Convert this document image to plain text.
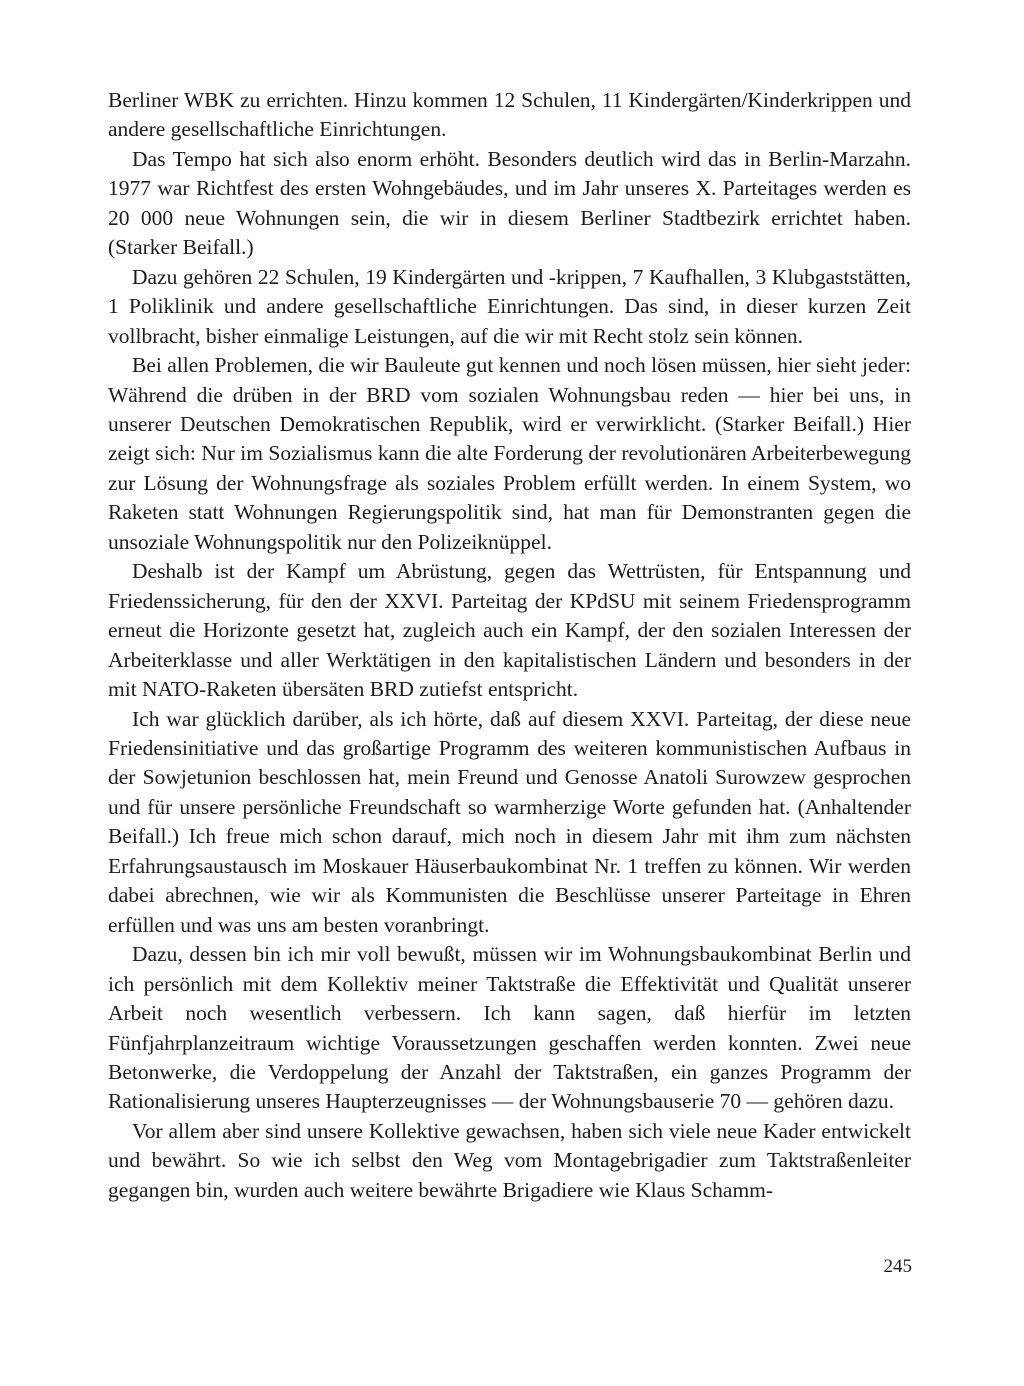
Berliner WBK zu errichten. Hinzu kommen 12 Schulen, 11 Kindergärten/Kinderkrippen und andere gesellschaftliche Einrichtungen.

Das Tempo hat sich also enorm erhöht. Besonders deutlich wird das in Berlin-Marzahn. 1977 war Richtfest des ersten Wohngebäudes, und im Jahr unseres X. Parteitages werden es 20 000 neue Wohnungen sein, die wir in diesem Berliner Stadtbezirk errichtet haben. (Starker Beifall.)

Dazu gehören 22 Schulen, 19 Kindergärten und -krippen, 7 Kaufhallen, 3 Klubgaststätten, 1 Poliklinik und andere gesellschaftliche Einrichtungen. Das sind, in dieser kurzen Zeit vollbracht, bisher einmalige Leistungen, auf die wir mit Recht stolz sein können.

Bei allen Problemen, die wir Bauleute gut kennen und noch lösen müssen, hier sieht jeder: Während die drüben in der BRD vom sozialen Wohnungsbau reden — hier bei uns, in unserer Deutschen Demokratischen Republik, wird er verwirklicht. (Starker Beifall.) Hier zeigt sich: Nur im Sozialismus kann die alte Forderung der revolutionären Arbeiterbewegung zur Lösung der Wohnungsfrage als soziales Problem erfüllt werden. In einem System, wo Raketen statt Wohnungen Regierungspolitik sind, hat man für Demonstranten gegen die unsoziale Wohnungspolitik nur den Polizeiknüppel.

Deshalb ist der Kampf um Abrüstung, gegen das Wettrüsten, für Entspannung und Friedenssicherung, für den der XXVI. Parteitag der KPdSU mit seinem Friedensprogramm erneut die Horizonte gesetzt hat, zugleich auch ein Kampf, der den sozialen Interessen der Arbeiterklasse und aller Werktätigen in den kapitalistischen Ländern und besonders in der mit NATO-Raketen übersäten BRD zutiefst entspricht.

Ich war glücklich darüber, als ich hörte, daß auf diesem XXVI. Parteitag, der diese neue Friedensinitiative und das großartige Programm des weiteren kommunistischen Aufbaus in der Sowjetunion beschlossen hat, mein Freund und Genosse Anatoli Surowzew gesprochen und für unsere persönliche Freundschaft so warmherzige Worte gefunden hat. (Anhaltender Beifall.) Ich freue mich schon darauf, mich noch in diesem Jahr mit ihm zum nächsten Erfahrungsaustausch im Moskauer Häuserbaukombinat Nr. 1 treffen zu können. Wir werden dabei abrechnen, wie wir als Kommunisten die Beschlüsse unserer Parteitage in Ehren erfüllen und was uns am besten voranbringt.

Dazu, dessen bin ich mir voll bewußt, müssen wir im Wohnungsbaukombinat Berlin und ich persönlich mit dem Kollektiv meiner Taktstraße die Effektivität und Qualität unserer Arbeit noch wesentlich verbessern. Ich kann sagen, daß hierfür im letzten Fünfjahrplanzeitraum wichtige Voraussetzungen geschaffen werden konnten. Zwei neue Betonwerke, die Verdoppelung der Anzahl der Taktstraßen, ein ganzes Programm der Rationalisierung unseres Haupterzeugnisses — der Wohnungsbauserie 70 — gehören dazu.

Vor allem aber sind unsere Kollektive gewachsen, haben sich viele neue Kader entwickelt und bewährt. So wie ich selbst den Weg vom Montagebrigadier zum Taktstraßenleiter gegangen bin, wurden auch weitere bewährte Brigadiere wie Klaus Schamm-

245
